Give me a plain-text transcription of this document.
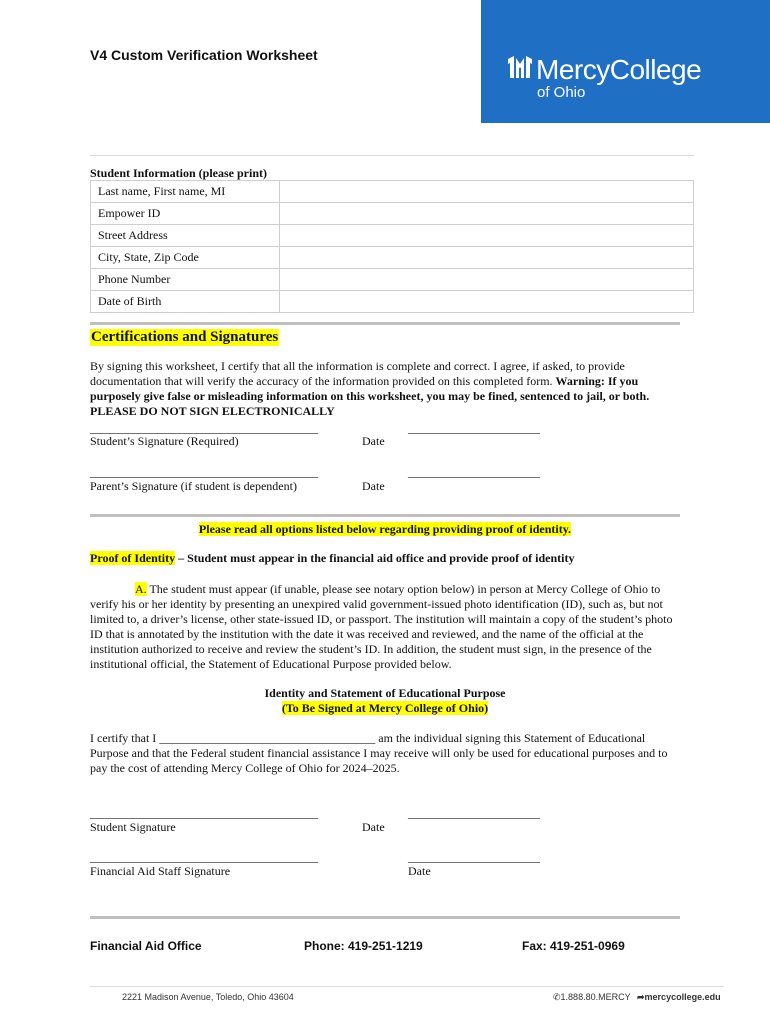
V4 Custom Verification Worksheet	MercyCollege
of Ohio
Student Information (please print)
Last name, First name, MI	
Empower ID	
Street Address	
City, State, Zip Code	
Phone Number	
Date of Birth	
Certifications and Signatures
By signing this worksheet, I certify that all the information is complete and correct. I agree, if asked, to provide documentation that will verify the accuracy of the information provided on this completed form. Warning: If you purposely give false or misleading information on this worksheet, you may be fined, sentenced to jail, or both.
PLEASE DO NOT SIGN ELECTRONICALLY
______________________________________	______________________
Student’s Signature (Required)	Date
______________________________________	______________________
Parent’s Signature (if student is dependent)	Date
Please read all options listed below regarding providing proof of identity.
Proof of Identity – Student must appear in the financial aid office and provide proof of identity
A. The student must appear (if unable, please see notary option below) in person at Mercy College of Ohio to verify his or her identity by presenting an unexpired valid government-issued photo identification (ID), such as, but not limited to, a driver’s license, other state-issued ID, or passport. The institution will maintain a copy of the student’s photo ID that is annotated by the institution with the date it was received and reviewed, and the name of the official at the institution authorized to receive and review the student’s ID. In addition, the student must sign, in the presence of the institutional official, the Statement of Educational Purpose provided below.
Identity and Statement of Educational Purpose
(To Be Signed at Mercy College of Ohio)
I certify that I ____________________________________ am the individual signing this Statement of Educational Purpose and that the Federal student financial assistance I may receive will only be used for educational purposes and to pay the cost of attending Mercy College of Ohio for 2024–2025.
______________________________________	______________________
Student Signature	Date
______________________________________	______________________
Financial Aid Staff Signature	Date
Financial Aid Office	Phone: 419-251-1219	Fax: 419-251-0969
2221 Madison Avenue, Toledo, Ohio 43604	✆1.888.80.MERCY ➦mercycollege.edu
